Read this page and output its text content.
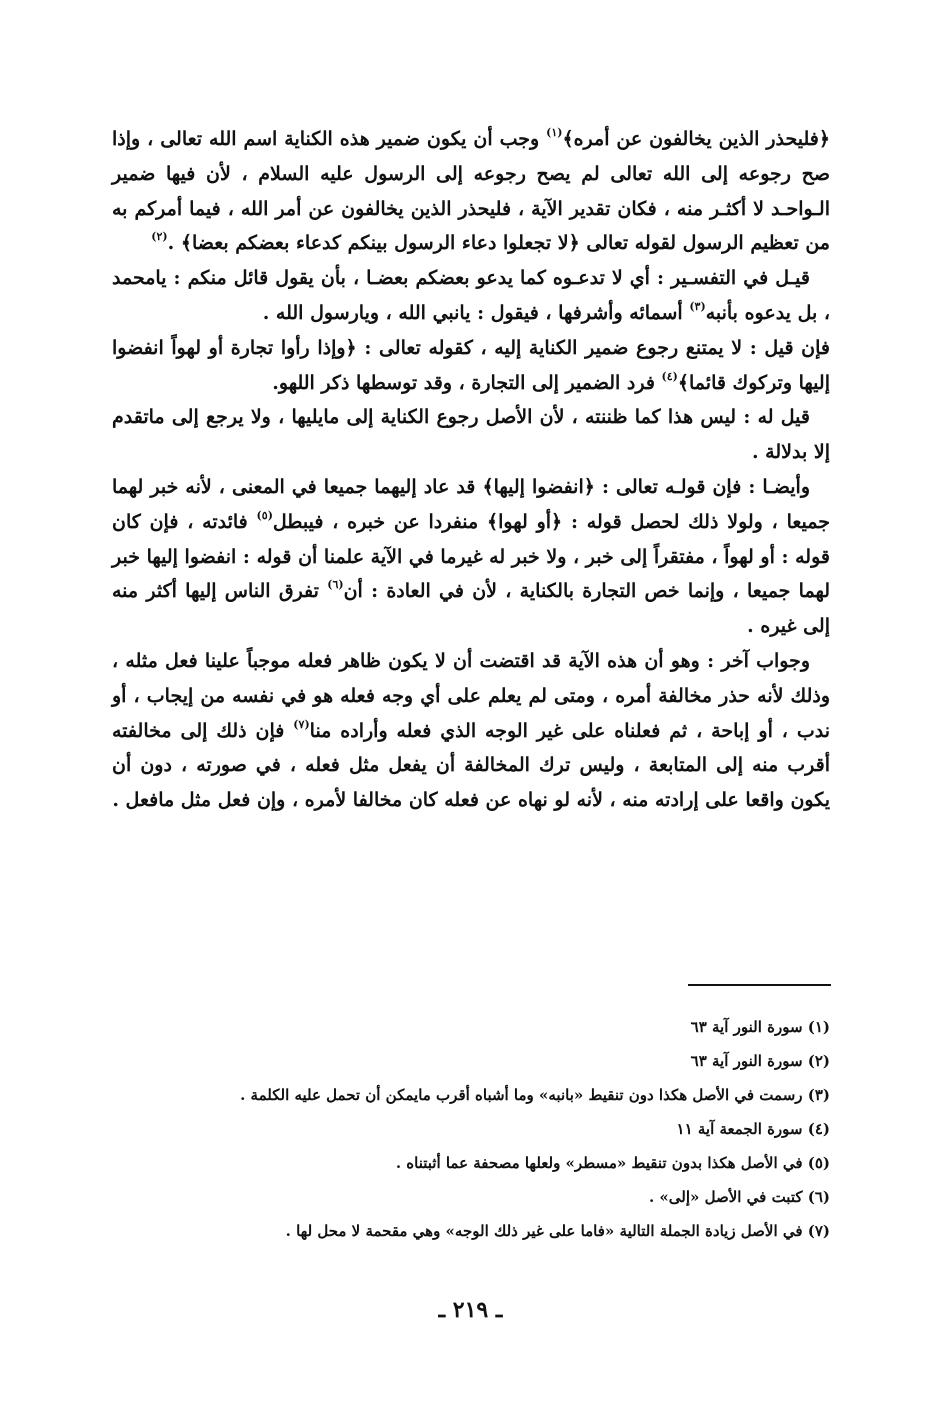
﴿فليحذر الذين يخالفون عن أمره﴾$^{(١)}$ وجب أن يكون ضمير هذه الكناية اسم الله تعالى ، وإذا صح رجوعه إلى الله تعالى لم يصح رجوعه إلى الرسول عليه السلام ، لأن فيها ضمير الـواحـد لا أكثـر منه ، فكان تقدير الآية ، فليحذر الذين يخالفون عن أمر الله ، فيما أمركم به من تعظيم الرسول لقوله تعالى ﴿لا تجعلوا دعاء الرسول بينكم كدعاء بعضكم بعضا﴾ .$^{(٢)}$

قيـل في التفسـير : أي لا تدعـوه كما يدعو بعضكم بعضـا ، بأن يقول قائل منكم : يامحمد ، بل يدعوه بأنبه$^{(٣)}$ أسمائه وأشرفها ، فيقول : يانبي الله ، ويارسول الله .

فإن قيل : لا يمتنع رجوع ضمير الكناية إليه ، كقوله تعالى : ﴿وإذا رأوا تجارة أو لهواً انفضوا إليها وتركوك قائما﴾$^{(٤)}$ فرد الضمير إلى التجارة ، وقد توسطها ذكر اللهو.

قيل له : ليس هذا كما ظننته ، لأن الأصل رجوع الكناية إلى مايليها ، ولا يرجع إلى ماتقدم إلا بدلالة .

وأيضـا : فإن قولـه تعالى : ﴿انفضوا إليها﴾ قد عاد إليهما جميعا في المعنى ، لأنه خبر لهما جميعا ، ولولا ذلك لحصل قوله : ﴿أو لهوا﴾ منفردا عن خبره ، فيبطل$^{(٥)}$ فائدته ، فإن كان قوله : أو لهواً ، مفتقراً إلى خبر ، ولا خبر له غيرما في الآية علمنا أن قوله : انفضوا إليها خبر لهما جميعا ، وإنما خص التجارة بالكناية ، لأن في العادة : أن$^{(٦)}$ تفرق الناس إليها أكثر منه إلى غيره .

وجواب آخر : وهو أن هذه الآية قد اقتضت أن لا يكون ظاهر فعله موجباً علينا فعل مثله ، وذلك لأنه حذر مخالفة أمره ، ومتى لم يعلم على أي وجه فعله هو في نفسه من إيجاب ، أو ندب ، أو إباحة ، ثم فعلناه على غير الوجه الذي فعله وأراده منا$^{(٧)}$ فإن ذلك إلى مخالفته أقرب منه إلى المتابعة ، وليس ترك المخالفة أن يفعل مثل فعله ، في صورته ، دون أن يكون واقعا على إرادته منه ، لأنه لو نهاه عن فعله كان مخالفا لأمره ، وإن فعل مثل مافعل .

(١) سورة النور آية ٦٣

(٢) سورة النور آية ٦٣

(٣) رسمت في الأصل هكذا دون تنقيط «بانبه» وما أشباه أقرب مايمكن أن تحمل عليه الكلمة .

(٤) سورة الجمعة آية ١١

(٥) في الأصل هكذا بدون تنقيط «مسطر» ولعلها مصحفة عما أثبتناه .

(٦) كتبت في الأصل «إلى» .

(٧) في الأصل زيادة الجملة التالية «فاما على غير ذلك الوجه» وهي مقحمة لا محل لها .

ـ ٢١٩ ـ
